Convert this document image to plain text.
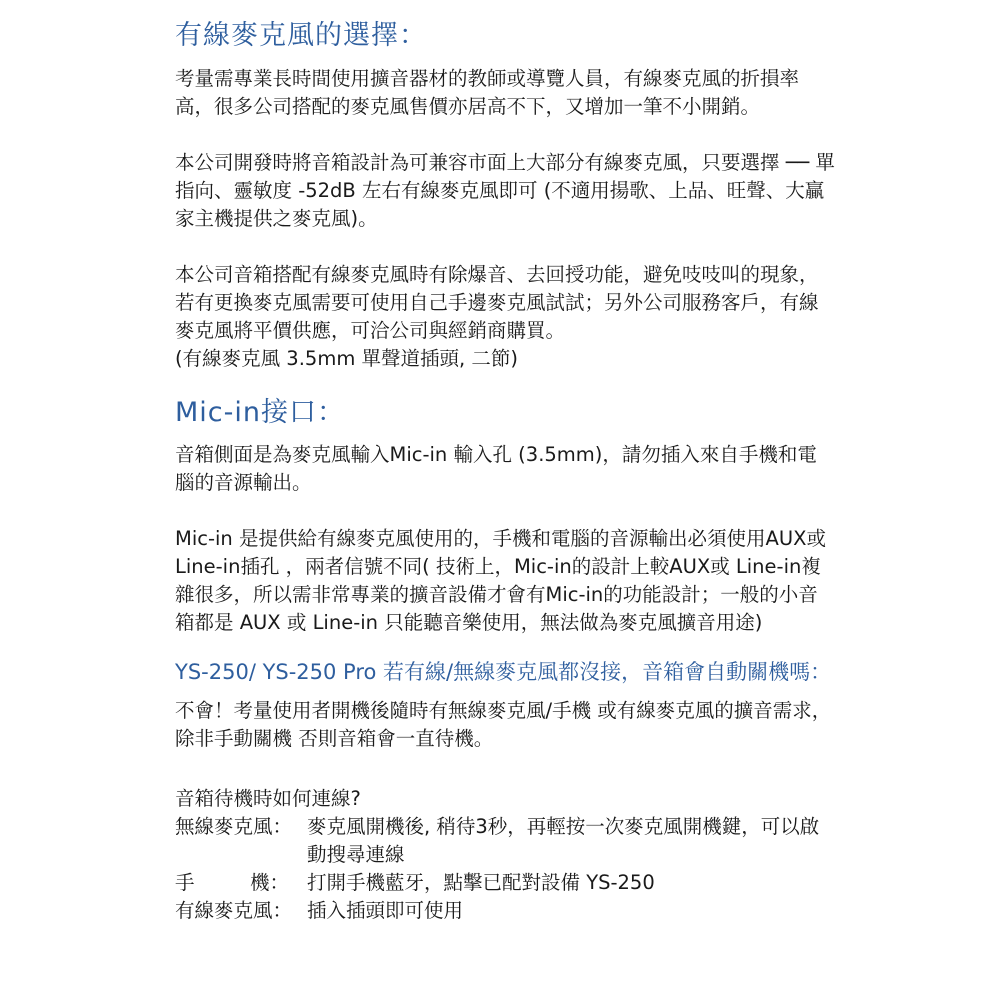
有線麥克風的選擇：

考量需專業長時間使用擴音器材的教師或導覽人員，有線麥克風的折損率高，很多公司搭配的麥克風售價亦居高不下，又增加一筆不小開銷。

本公司開發時將音箱設計為可兼容市面上大部分有線麥克風，只要選擇 ── 單指向、靈敏度 -52dB 左右有線麥克風即可 (不適用揚歌、上品、旺聲、大贏家主機提供之麥克風)。

本公司音箱搭配有線麥克風時有除爆音、去回授功能，避免吱吱叫的現象，若有更換麥克風需要可使用自己手邊麥克風試試；另外公司服務客戶，有線麥克風將平價供應，可洽公司與經銷商購買。

(有線麥克風 3.5mm 單聲道插頭, 二節)

Mic-in接口：

音箱側面是為麥克風輸入Mic-in 輸入孔 (3.5mm)，請勿插入來自手機和電腦的音源輸出。

Mic-in 是提供給有線麥克風使用的，手機和電腦的音源輸出必須使用AUX或 Line-in插孔 ，兩者信號不同( 技術上，Mic-in的設計上較AUX或 Line-in複雜很多，所以需非常專業的擴音設備才會有Mic-in的功能設計；一般的小音箱都是 AUX 或 Line-in 只能聽音樂使用，無法做為麥克風擴音用途)

YS-250/ YS-250 Pro 若有線/無線麥克風都沒接，音箱會自動關機嗎：

不會！考量使用者開機後隨時有無線麥克風/手機 或有線麥克風的擴音需求，除非手動關機 否則音箱會一直待機。

音箱待機時如何連線?

無線麥克風： 麥克風開機後, 稍待3秒，再輕按一次麥克風開機鍵，可以啟動搜尋連線
手	機： 打開手機藍牙，點擊已配對設備 YS-250
有線麥克風： 插入插頭即可使用
